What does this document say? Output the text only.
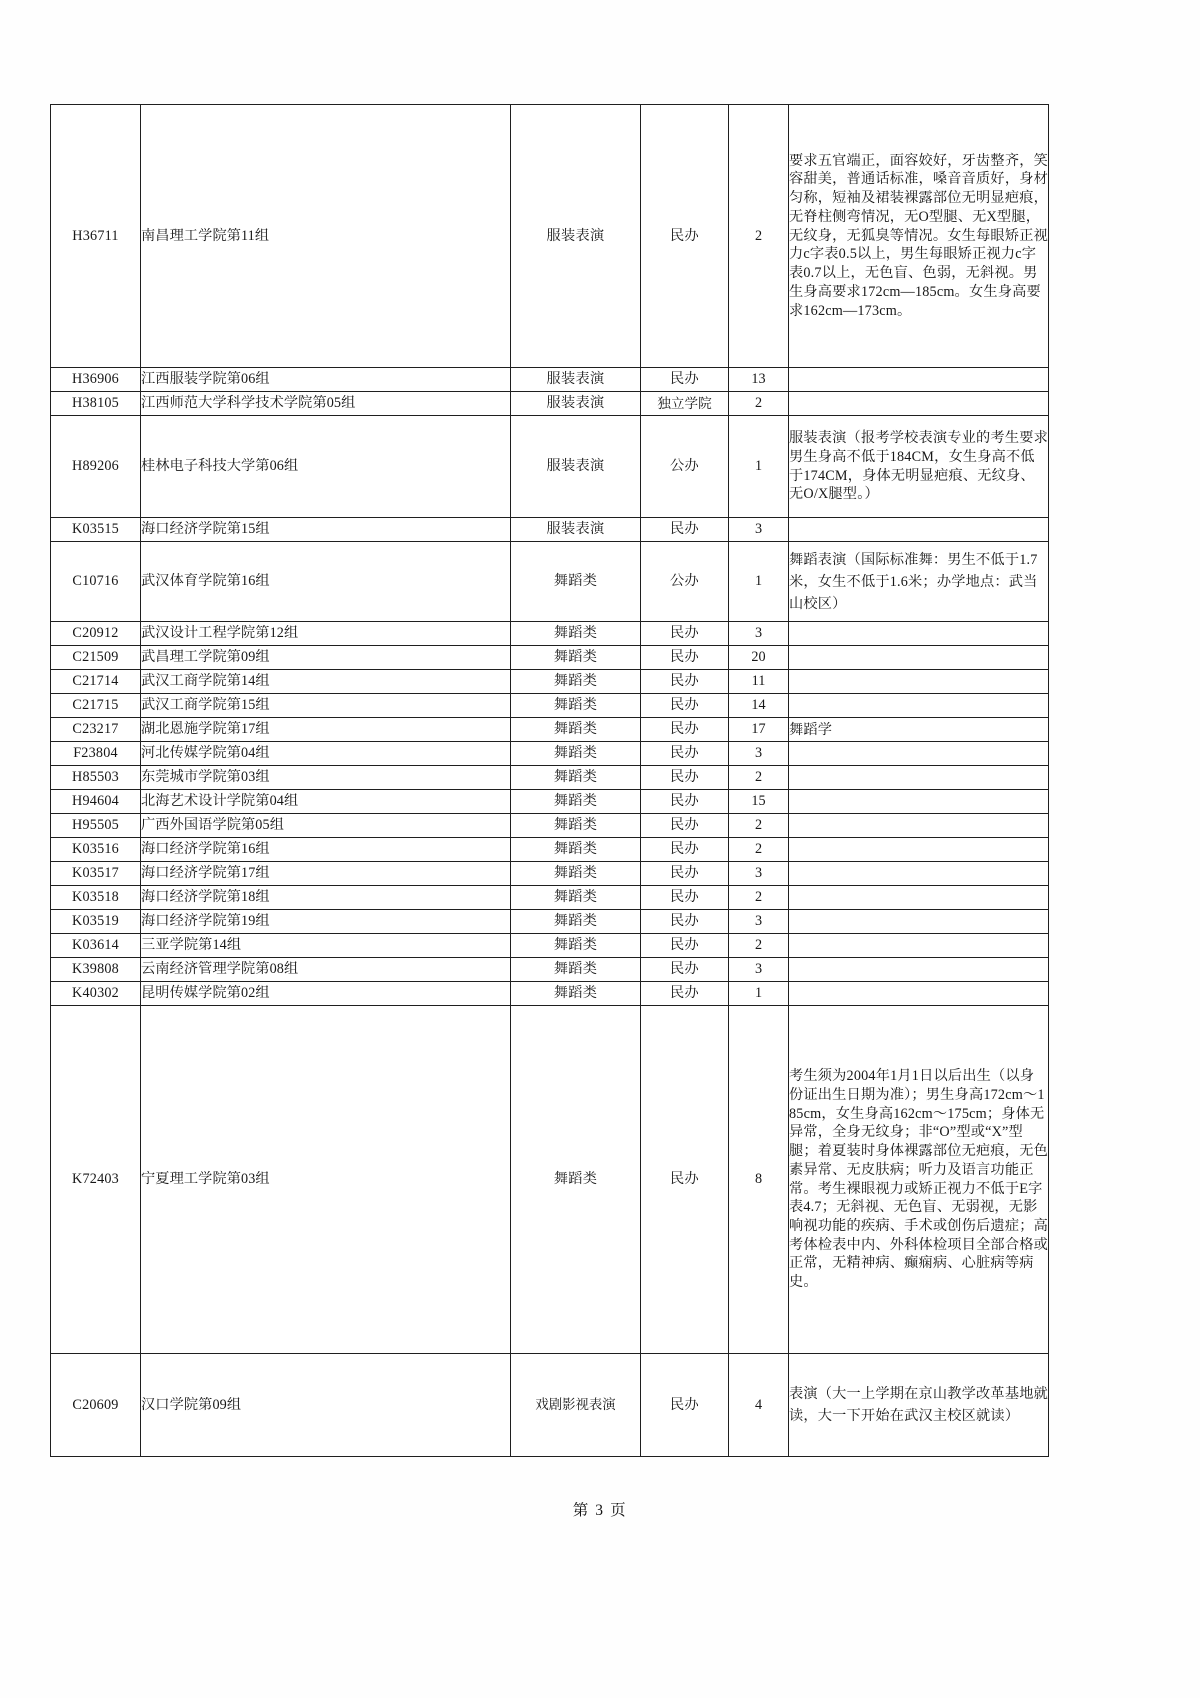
H36711	南昌理工学院第11组	服装表演	民办	2	要求五官端正，面容姣好，牙齿整齐，笑容甜美，普通话标准，嗓音音质好，身材匀称，短袖及裙装裸露部位无明显疤痕，无脊柱侧弯情况，无O型腿、无X型腿，无纹身，无狐臭等情况。女生每眼矫正视力c字表0.5以上，男生每眼矫正视力c字表0.7以上，无色盲、色弱，无斜视。男生身高要求172cm—185cm。女生身高要求162cm—173cm。
H36906	江西服装学院第06组	服装表演	民办	13	
H38105	江西师范大学科学技术学院第05组	服装表演	独立学院	2	
H89206	桂林电子科技大学第06组	服装表演	公办	1	服装表演（报考学校表演专业的考生要求男生身高不低于184CM，女生身高不低于174CM，身体无明显疤痕、无纹身、无O/X腿型。）
K03515	海口经济学院第15组	服装表演	民办	3	
C10716	武汉体育学院第16组	舞蹈类	公办	1	舞蹈表演（国际标准舞：男生不低于1.7米，女生不低于1.6米；办学地点：武当山校区）
C20912	武汉设计工程学院第12组	舞蹈类	民办	3	
C21509	武昌理工学院第09组	舞蹈类	民办	20	
C21714	武汉工商学院第14组	舞蹈类	民办	11	
C21715	武汉工商学院第15组	舞蹈类	民办	14	
C23217	湖北恩施学院第17组	舞蹈类	民办	17	舞蹈学
F23804	河北传媒学院第04组	舞蹈类	民办	3	
H85503	东莞城市学院第03组	舞蹈类	民办	2	
H94604	北海艺术设计学院第04组	舞蹈类	民办	15	
H95505	广西外国语学院第05组	舞蹈类	民办	2	
K03516	海口经济学院第16组	舞蹈类	民办	2	
K03517	海口经济学院第17组	舞蹈类	民办	3	
K03518	海口经济学院第18组	舞蹈类	民办	2	
K03519	海口经济学院第19组	舞蹈类	民办	3	
K03614	三亚学院第14组	舞蹈类	民办	2	
K39808	云南经济管理学院第08组	舞蹈类	民办	3	
K40302	昆明传媒学院第02组	舞蹈类	民办	1	
K72403	宁夏理工学院第03组	舞蹈类	民办	8	考生须为2004年1月1日以后出生（以身份证出生日期为准）；男生身高172cm～185cm，女生身高162cm～175cm；身体无异常，全身无纹身；非“O”型或“X”型腿；着夏装时身体裸露部位无疤痕，无色素异常、无皮肤病；听力及语言功能正常。考生裸眼视力或矫正视力不低于E字表4.7；无斜视、无色盲、无弱视，无影响视功能的疾病、手术或创伤后遗症；高考体检表中内、外科体检项目全部合格或正常，无精神病、癫痫病、心脏病等病史。
C20609	汉口学院第09组	戏剧影视表演	民办	4	表演（大一上学期在京山教学改革基地就读，大一下开始在武汉主校区就读）
第 3 页
